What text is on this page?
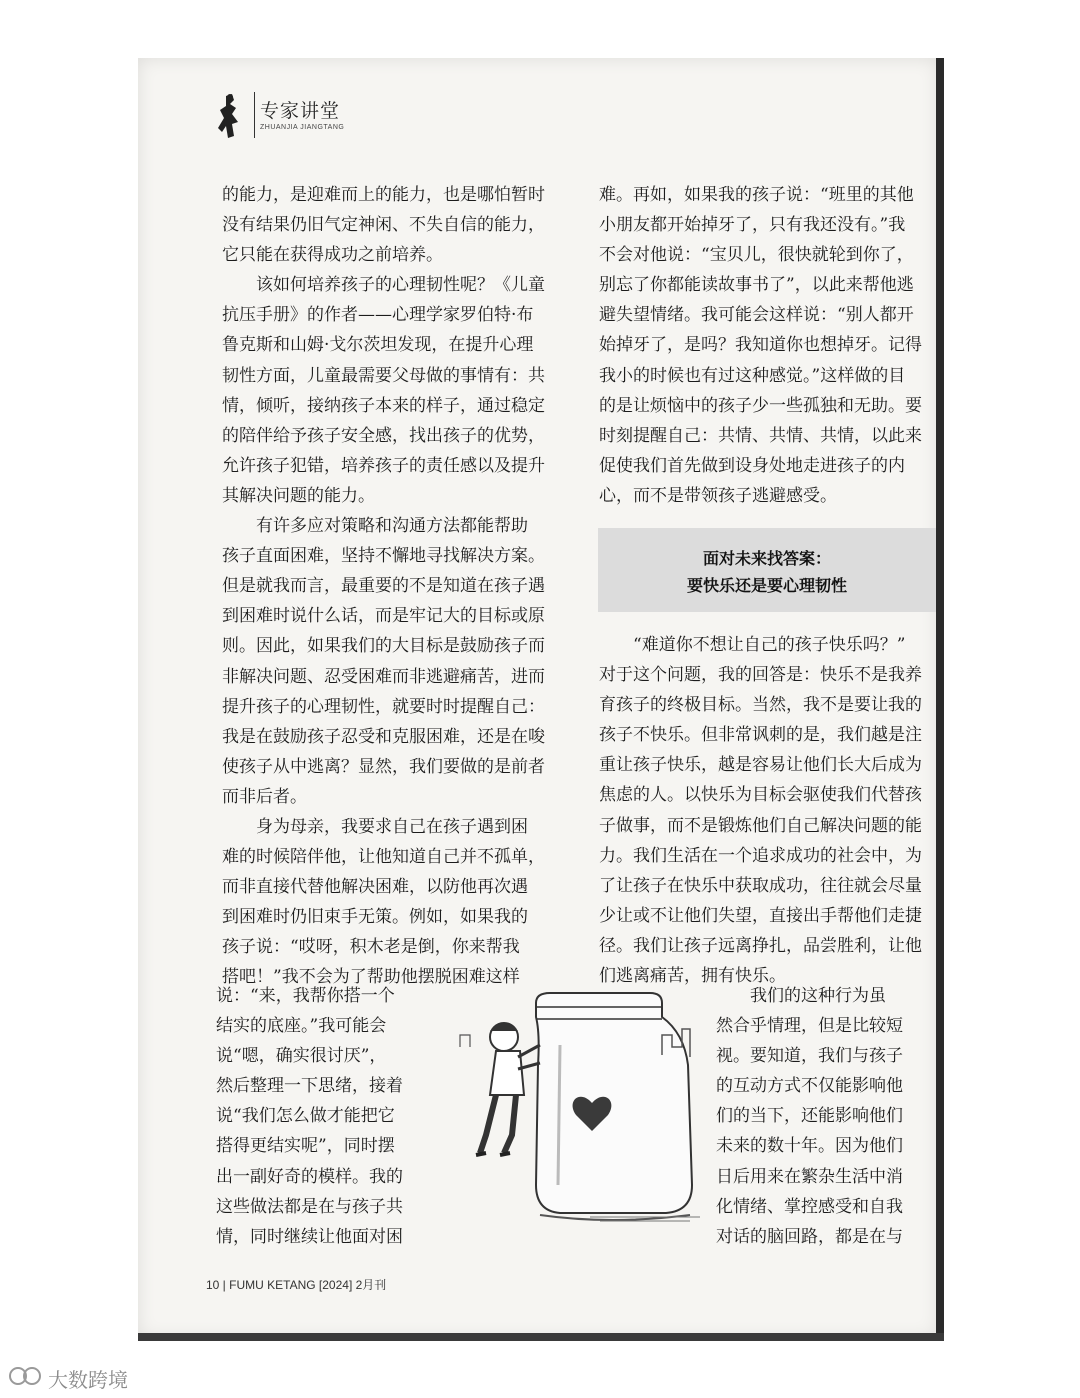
专家讲堂
ZHUANJIA JIANGTANG

的能力，是迎难而上的能力，也是哪怕暂时

没有结果仍旧气定神闲、不失自信的能力，

它只能在获得成功之前培养。

　　该如何培养孩子的心理韧性呢？《儿童

抗压手册》的作者——心理学家罗伯特·布

鲁克斯和山姆·戈尔茨坦发现，在提升心理

韧性方面，儿童最需要父母做的事情有：共

情，倾听，接纳孩子本来的样子，通过稳定

的陪伴给予孩子安全感，找出孩子的优势，

允许孩子犯错，培养孩子的责任感以及提升

其解决问题的能力。

　　有许多应对策略和沟通方法都能帮助

孩子直面困难，坚持不懈地寻找解决方案。

但是就我而言，最重要的不是知道在孩子遇

到困难时说什么话，而是牢记大的目标或原

则。因此，如果我们的大目标是鼓励孩子而

非解决问题、忍受困难而非逃避痛苦，进而

提升孩子的心理韧性，就要时时提醒自己：

我是在鼓励孩子忍受和克服困难，还是在唆

使孩子从中逃离？显然，我们要做的是前者

而非后者。

　　身为母亲，我要求自己在孩子遇到困

难的时候陪伴他，让他知道自己并不孤单，

而非直接代替他解决困难，以防他再次遇

到困难时仍旧束手无策。例如，如果我的

孩子说：“哎呀，积木老是倒，你来帮我

搭吧！”我不会为了帮助他摆脱困难这样

说：“来，我帮你搭一个

结实的底座。”我可能会

说“嗯，确实很讨厌”，

然后整理一下思绪，接着

说“我们怎么做才能把它

搭得更结实呢”，同时摆

出一副好奇的模样。我的

这些做法都是在与孩子共

情，同时继续让他面对困

难。再如，如果我的孩子说：“班里的其他

小朋友都开始掉牙了，只有我还没有。”我

不会对他说：“宝贝儿，很快就轮到你了，

别忘了你都能读故事书了”，以此来帮他逃

避失望情绪。我可能会这样说：“别人都开

始掉牙了，是吗？我知道你也想掉牙。记得

我小的时候也有过这种感觉。”这样做的目

的是让烦恼中的孩子少一些孤独和无助。要

时刻提醒自己：共情、共情、共情，以此来

促使我们首先做到设身处地走进孩子的内

心，而不是带领孩子逃避感受。

面对未来找答案：
要快乐还是要心理韧性

　　“难道你不想让自己的孩子快乐吗？”

对于这个问题，我的回答是：快乐不是我养

育孩子的终极目标。当然，我不是要让我的

孩子不快乐。但非常讽刺的是，我们越是注

重让孩子快乐，越是容易让他们长大后成为

焦虑的人。以快乐为目标会驱使我们代替孩

子做事，而不是锻炼他们自己解决问题的能

力。我们生活在一个追求成功的社会中，为

了让孩子在快乐中获取成功，往往就会尽量

少让或不让他们失望，直接出手帮他们走捷

径。我们让孩子远离挣扎，品尝胜利，让他

们逃离痛苦，拥有快乐。

　　我们的这种行为虽

然合乎情理，但是比较短

视。要知道，我们与孩子

的互动方式不仅能影响他

们的当下，还能影响他们

未来的数十年。因为他们

日后用来在繁杂生活中消

化情绪、掌控感受和自我

对话的脑回路，都是在与

10 | FUMU KETANG [2024] 2月刊
大数跨境
